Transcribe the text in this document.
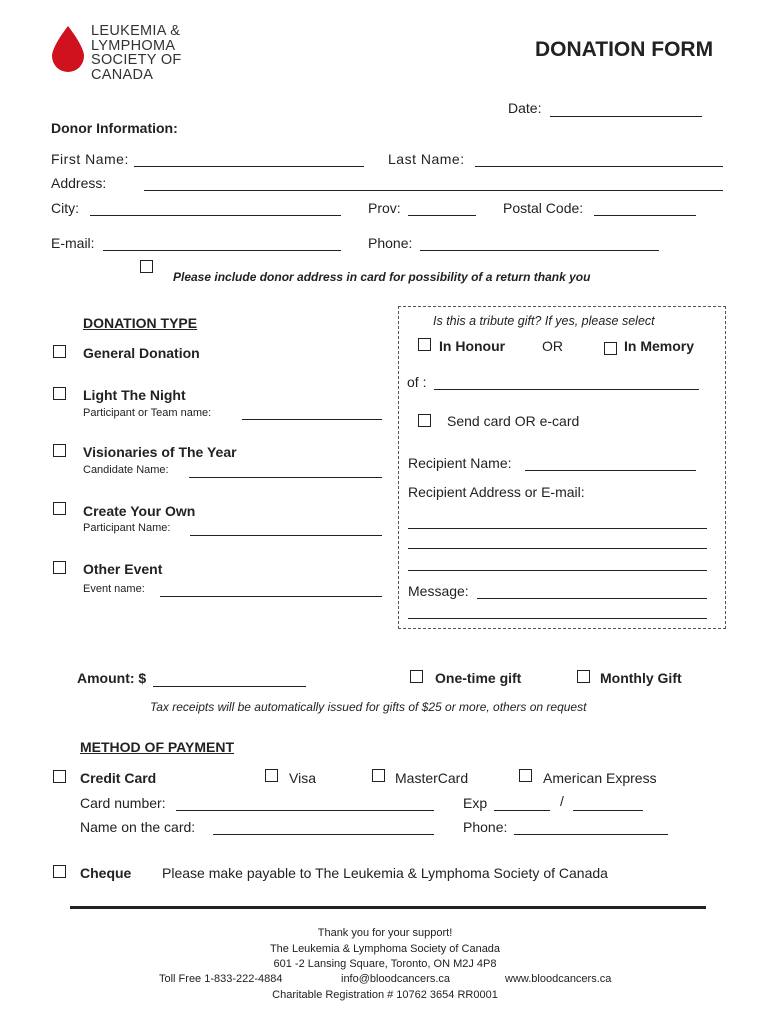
LEUKEMIA &
LYMPHOMA
SOCIETY OF
CANADA
DONATION FORM
Date:
Donor Information:
First Name:	Last Name:
Address:
City:	Prov:	Postal Code:
E-mail:	Phone:
Please include donor address in card for possibility of a return thank you
DONATION TYPE
General Donation
Light The Night
Participant or Team name:
Visionaries of The Year
Candidate Name:
Create Your Own
Participant Name:
Other Event
Event name:
Is this a tribute gift? If yes, please select
In Honour	OR	In Memory
of :
Send card OR e-card
Recipient Name:
Recipient Address or E-mail:
Message:
Amount: $	One-time gift	Monthly Gift
Tax receipts will be automatically issued for gifts of $25 or more, others on request
METHOD OF PAYMENT
Credit Card	Visa	MasterCard	American Express
Card number:	Exp	/
Name on the card:	Phone:
Cheque Please make payable to The Leukemia & Lymphoma Society of Canada
Thank you for your support!
The Leukemia & Lymphoma Society of Canada
601 -2 Lansing Square, Toronto, ON M2J 4P8
Toll Free 1-833-222-4884	info@bloodcancers.ca	www.bloodcancers.ca
Charitable Registration # 10762 3654 RR0001
